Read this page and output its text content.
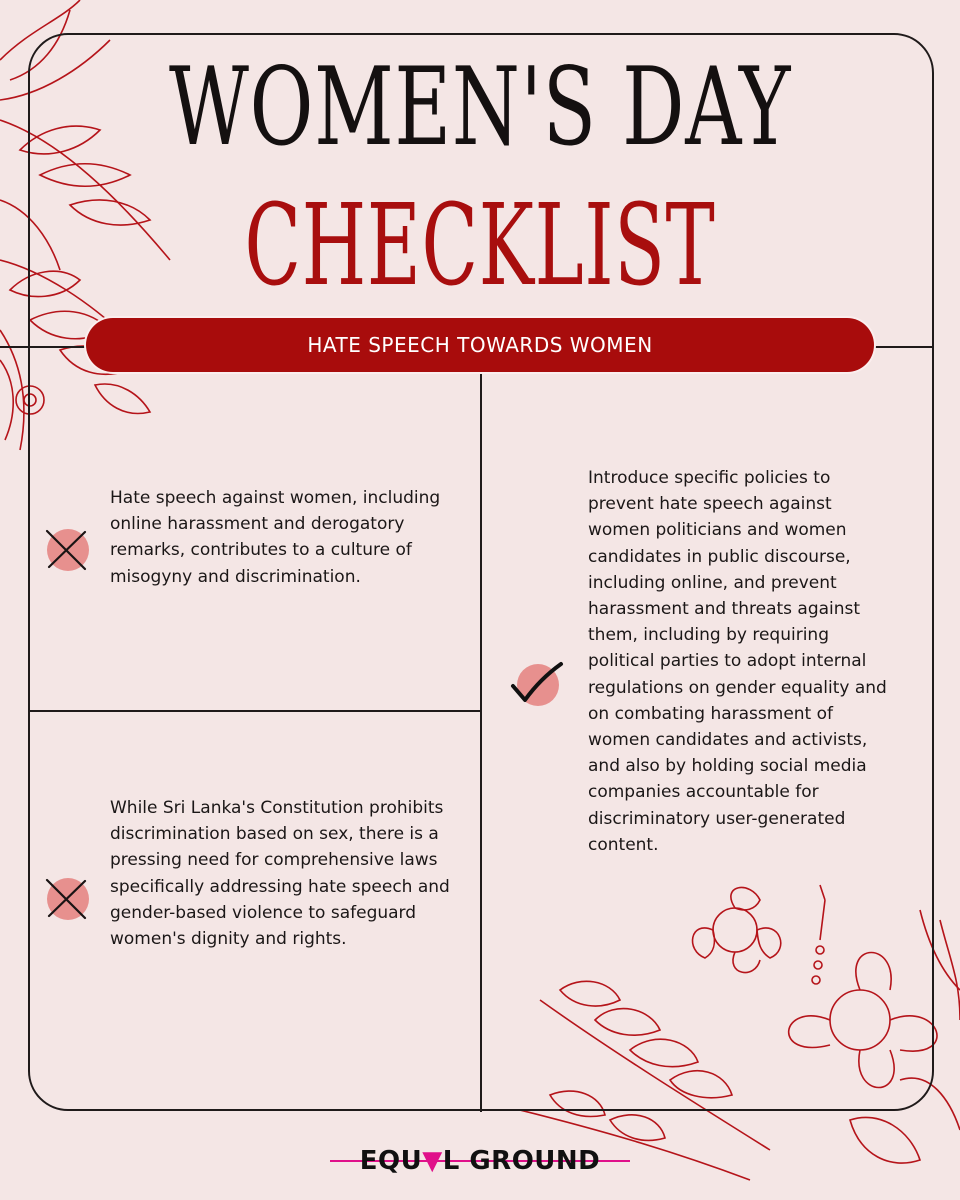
WOMEN'S DAY
CHECKLIST
HATE SPEECH TOWARDS WOMEN
Hate speech against women, including online harassment and derogatory remarks, contributes to a culture of misogyny and discrimination.
While Sri Lanka's Constitution prohibits discrimination based on sex, there is a pressing need for comprehensive laws specifically addressing hate speech and gender-based violence to safeguard women's dignity and rights.
Introduce specific policies to prevent hate speech against women politicians and women candidates in public discourse, including online, and prevent harassment and threats against them, including by requiring political parties to adopt internal regulations on gender equality and on combating harassment of women candidates and activists, and also by holding social media companies accountable for discriminatory user-generated content.
EQU▼L GROUND
